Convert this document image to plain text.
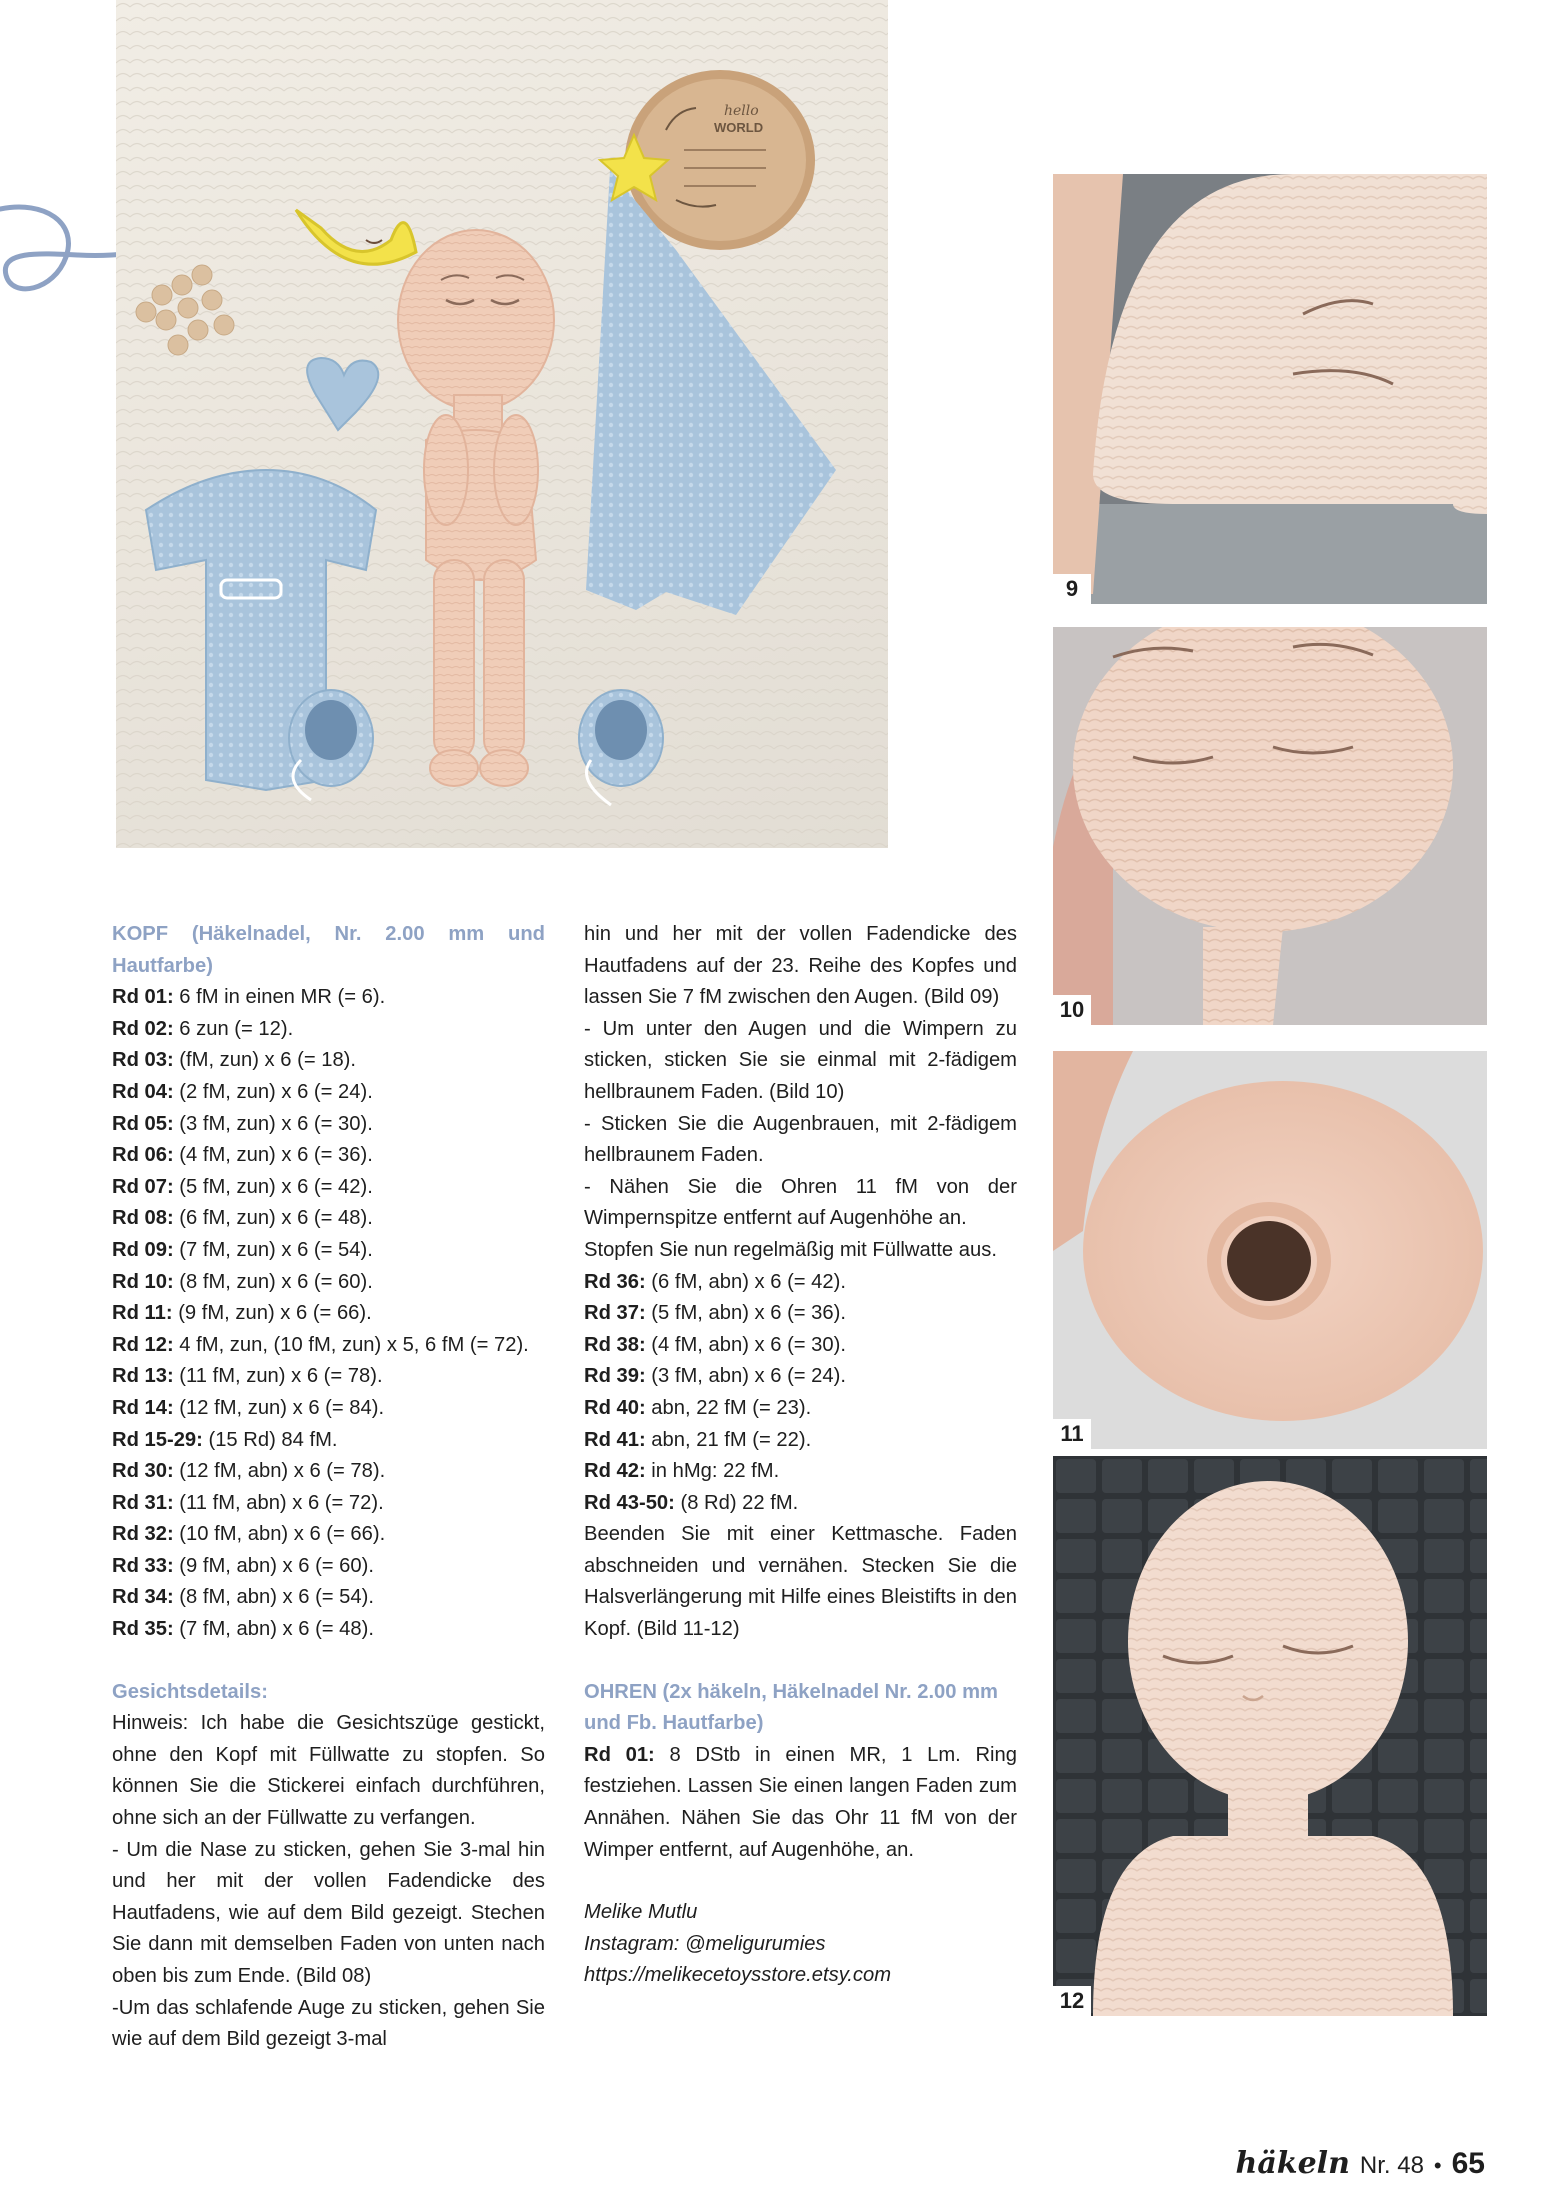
hello
WORLD
9
10
11
12

KOPF (Häkelnadel, Nr. 2.00 mm und Hautfarbe)

Rd 01: 6 fM in einen MR (= 6).

Rd 02: 6 zun (= 12).

Rd 03: (fM, zun) x 6 (= 18).

Rd 04: (2 fM, zun) x 6 (= 24).

Rd 05: (3 fM, zun) x 6 (= 30).

Rd 06: (4 fM, zun) x 6 (= 36).

Rd 07: (5 fM, zun) x 6 (= 42).

Rd 08: (6 fM, zun) x 6 (= 48).

Rd 09: (7 fM, zun) x 6 (= 54).

Rd 10: (8 fM, zun) x 6 (= 60).

Rd 11: (9 fM, zun) x 6 (= 66).

Rd 12: 4 fM, zun, (10 fM, zun) x 5, 6 fM (= 72).

Rd 13: (11 fM, zun) x 6 (= 78).

Rd 14: (12 fM, zun) x 6 (= 84).

Rd 15-29: (15 Rd) 84 fM.

Rd 30: (12 fM, abn) x 6 (= 78).

Rd 31: (11 fM, abn) x 6 (= 72).

Rd 32: (10 fM, abn) x 6 (= 66).

Rd 33: (9 fM, abn) x 6 (= 60).

Rd 34: (8 fM, abn) x 6 (= 54).

Rd 35: (7 fM, abn) x 6 (= 48).

Gesichtsdetails:

Hinweis: Ich habe die Gesichtszüge gestickt, ohne den Kopf mit Füllwatte zu stopfen. So können Sie die Stickerei einfach durchführen, ohne sich an der Füllwatte zu verfangen.

- Um die Nase zu sticken, gehen Sie 3-mal hin und her mit der vollen Fadendicke des Hautfadens, wie auf dem Bild gezeigt. Stechen Sie dann mit demselben Faden von unten nach oben bis zum Ende. (Bild 08)

-Um das schlafende Auge zu sticken, gehen Sie wie auf dem Bild gezeigt 3-mal

hin und her mit der vollen Fadendicke des Hautfadens auf der 23. Reihe des Kopfes und lassen Sie 7 fM zwischen den Augen. (Bild 09)

- Um unter den Augen und die Wimpern zu sticken, sticken Sie sie einmal mit 2-fädigem hellbraunem Faden. (Bild 10)

- Sticken Sie die Augenbrauen, mit 2-fädigem hellbraunem Faden.

- Nähen Sie die Ohren 11 fM von der Wimpernspitze entfernt auf Augenhöhe an.

Stopfen Sie nun regelmäßig mit Füllwatte aus.

Rd 36: (6 fM, abn) x 6 (= 42).

Rd 37: (5 fM, abn) x 6 (= 36).

Rd 38: (4 fM, abn) x 6 (= 30).

Rd 39: (3 fM, abn) x 6 (= 24).

Rd 40: abn, 22 fM (= 23).

Rd 41: abn, 21 fM (= 22).

Rd 42: in hMg: 22 fM.

Rd 43-50: (8 Rd) 22 fM.

Beenden Sie mit einer Kettmasche. Faden abschneiden und vernähen. Stecken Sie die Halsverlängerung mit Hilfe eines Bleistifts in den Kopf. (Bild 11-12)

OHREN (2x häkeln, Häkelnadel Nr. 2.00 mm und Fb. Hautfarbe)

Rd 01: 8 DStb in einen MR, 1 Lm. Ring festziehen. Lassen Sie einen langen Faden zum Annähen. Nähen Sie das Ohr 11 fM von der Wimper entfernt, auf Augenhöhe, an.

Melike Mutlu

Instagram: @meligurumies

https://melikecetoysstore.etsy.com

häkeln Nr. 48 • 65
